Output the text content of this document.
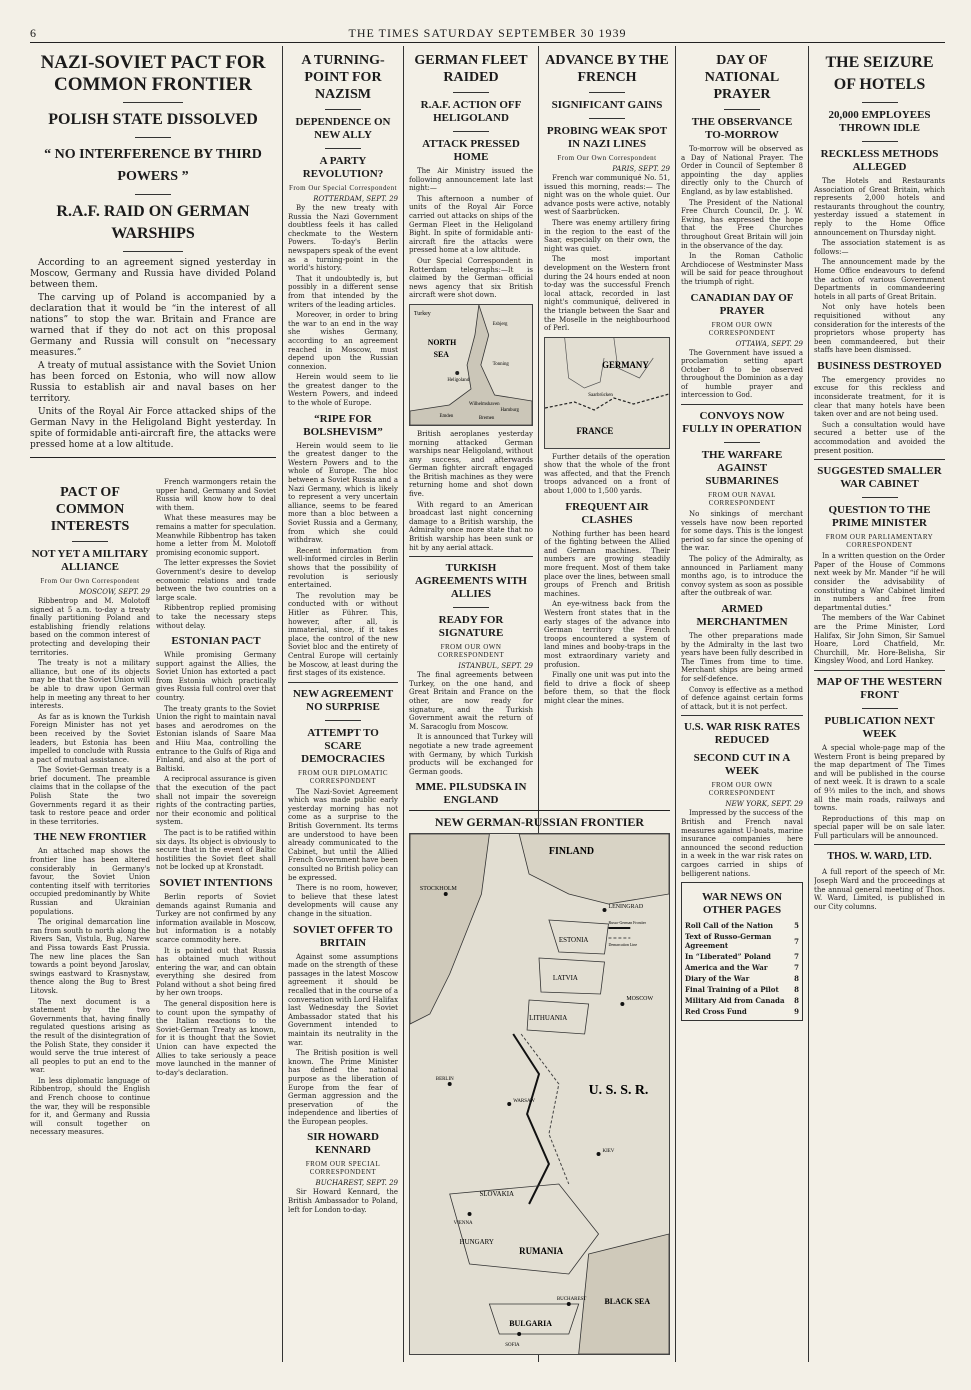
6	THE TIMES SATURDAY SEPTEMBER 30 1939
NAZI-SOVIET PACT FOR COMMON FRONTIER
POLISH STATE DISSOLVED
“ NO INTERFERENCE BY THIRD POWERS ”
R.A.F. RAID ON GERMAN WARSHIPS

According to an agreement signed yesterday in Moscow, Germany and Russia have divided Poland between them.

The carving up of Poland is accompanied by a declaration that it would be “in the interest of all nations” to stop the war. Britain and France are warned that if they do not act on this proposal Germany and Russia will consult on “necessary measures.”

A treaty of mutual assistance with the Soviet Union has been forced on Estonia, who will now allow Russia to establish air and naval bases on her territory.

Units of the Royal Air Force attacked ships of the German Navy in the Heligoland Bight yesterday. In spite of formidable anti-aircraft fire, the attacks were pressed home at a low altitude.

PACT OF COMMON INTERESTS
NOT YET A MILITARY ALLIANCE
From Our Own Correspondent
MOSCOW, SEPT. 29

Ribbentrop and M. Molotoff signed at 5 a.m. to-day a treaty finally partitioning Poland and establishing friendly relations based on the common interest of protecting and developing their territories.

The treaty is not a military alliance, but one of its objects may be that the Soviet Union will be able to draw upon German help in meeting any threat to her interests.

As far as is known the Turkish Foreign Minister has not yet been received by the Soviet leaders, but Estonia has been impelled to conclude with Russia a pact of mutual assistance.

The Soviet-German treaty is a brief document. The preamble claims that in the collapse of the Polish State the two Governments regard it as their task to restore peace and order in these territories.

THE NEW FRONTIER

An attached map shows the frontier line has been altered considerably in Germany's favour, the Soviet Union contenting itself with territories occupied predominantly by White Russian and Ukrainian populations.

The original demarcation line ran from south to north along the Rivers San, Vistula, Bug, Narew and Pissa towards East Prussia. The new line places the San towards a point beyond Jaroslav, swings eastward to Krasnystaw, thence along the Bug to Brest Litovsk.

The next document is a statement by the two Governments that, having finally regulated questions arising as the result of the disintegration of the Polish State, they consider it would serve the true interest of all peoples to put an end to the war.

In less diplomatic language of Ribbentrop, should the English and French choose to continue the war, they will be responsible for it, and Germany and Russia will consult together on necessary measures.

French warmongers retain the upper hand, Germany and Soviet Russia will know how to deal with them.

What these measures may be remains a matter for speculation. Meanwhile Ribbentrop has taken home a letter from M. Molotoff promising economic support.

The letter expresses the Soviet Government's desire to develop economic relations and trade between the two countries on a large scale.

Ribbentrop replied promising to take the necessary steps without delay.

ESTONIAN PACT

While promising Germany support against the Allies, the Soviet Union has extorted a pact from Estonia which practically gives Russia full control over that country.

The treaty grants to the Soviet Union the right to maintain naval bases and aerodromes on the Estonian islands of Saare Maa and Hiiu Maa, controlling the entrance to the Gulfs of Riga and Finland, and also at the port of Baltiski.

A reciprocal assurance is given that the execution of the pact shall not impair the sovereign rights of the contracting parties, nor their economic and political system.

The pact is to be ratified within six days. Its object is obviously to secure that in the event of Baltic hostilities the Soviet fleet shall not be locked up at Kronstadt.

SOVIET INTENTIONS

Berlin reports of Soviet demands against Rumania and Turkey are not confirmed by any information available in Moscow, but information is a notably scarce commodity here.

It is pointed out that Russia has obtained much without entering the war, and can obtain everything she desired from Poland without a shot being fired by her own troops.

The general disposition here is to count upon the sympathy of the Italian reactions to the Soviet-German Treaty as known, for it is thought that the Soviet Union can have expected the Allies to take seriously a peace move launched in the manner of to-day's declaration.

A TURNING-POINT FOR NAZISM
DEPENDENCE ON NEW ALLY
A PARTY REVOLUTION?
From Our Special Correspondent
ROTTERDAM, SEPT. 29

By the new treaty with Russia the Nazi Government doubtless feels it has called checkmate to the Western Powers. To-day's Berlin newspapers speak of the event as a turning-point in the world's history.

That it undoubtedly is, but possibly in a different sense from that intended by the writers of the leading articles.

Moreover, in order to bring the war to an end in the way she wishes Germany, according to an agreement reached in Moscow, must depend upon the Russian connexion.

Herein would seem to lie the greatest danger to the Western Powers, and indeed to the whole of Europe.

“RIPE FOR BOLSHEVISM”

Herein would seem to lie the greatest danger to the Western Powers and to the whole of Europe. The bloc between a Soviet Russia and a Nazi Germany, which is likely to represent a very uncertain alliance, seems to be feared more than a bloc between a Soviet Russia and a Germany, from which she could withdraw.

Recent information from well-informed circles in Berlin shows that the possibility of revolution is seriously entertained.

The revolution may be conducted with or without Hitler as Führer. This, however, after all, is immaterial, since, if it takes place, the control of the new Soviet bloc and the entirety of Central Europe will certainly be Moscow, at least during the first stages of its existence.

NEW AGREEMENT NO SURPRISE
ATTEMPT TO SCARE DEMOCRACIES
FROM OUR DIPLOMATIC CORRESPONDENT

The Nazi-Soviet Agreement which was made public early yesterday morning has not come as a surprise to the British Government. Its terms are understood to have been already communicated to the Cabinet, but until the Allied French Government have been consulted no British policy can be expressed.

There is no room, however, to believe that these latest developments will cause any change in the situation.

SOVIET OFFER TO BRITAIN

Against some assumptions made on the strength of these passages in the latest Moscow agreement it should be recalled that in the course of a conversation with Lord Halifax last Wednesday the Soviet Ambassador stated that his Government intended to maintain its neutrality in the war.

The British position is well known. The Prime Minister has defined the national purpose as the liberation of Europe from the fear of German aggression and the preservation of the independence and liberties of the European peoples.

SIR HOWARD KENNARD
FROM OUR SPECIAL CORRESPONDENT
BUCHAREST, SEPT. 29

Sir Howard Kennard, the British Ambassador to Poland, left for London to-day.

GERMAN FLEET RAIDED
R.A.F. ACTION OFF HELIGOLAND
ATTACK PRESSED HOME

The Air Ministry issued the following announcement late last night:—

This afternoon a number of units of the Royal Air Force carried out attacks on ships of the German Fleet in the Heligoland Bight. In spite of formidable anti-aircraft fire the attacks were pressed home at a low altitude.

Our Special Correspondent in Rotterdam telegraphs:—It is claimed by the German official news agency that six British aircraft were shot down.

NORTH
SEA
Esbjerg
Tonning
Heligoland
Wilhelmshaven
Hamburg
Bremen
Emden
Turkey

British aeroplanes yesterday morning attacked German warships near Heligoland, without any success, and afterwards German fighter aircraft engaged the British machines as they were returning home and shot down five.

With regard to an American broadcast last night concerning damage to a British warship, the Admiralty once more state that no British warship has been sunk or hit by any aerial attack.

TURKISH AGREEMENTS WITH ALLIES
READY FOR SIGNATURE
FROM OUR OWN CORRESPONDENT
ISTANBUL, SEPT. 29

The final agreements between Turkey, on the one hand, and Great Britain and France on the other, are now ready for signature, and the Turkish Government await the return of M. Saracoglu from Moscow.

It is announced that Turkey will negotiate a new trade agreement with Germany, by which Turkish products will be exchanged for German goods.

MME. PILSUDSKA IN ENGLAND

ADVANCE BY THE FRENCH
SIGNIFICANT GAINS
PROBING WEAK SPOT IN NAZI LINES
From Our Own Correspondent
PARIS, SEPT. 29

French war communiqué No. 51, issued this morning, reads:— The night was on the whole quiet. Our advance posts were active, notably west of Saarbrücken.

There was enemy artillery firing in the region to the east of the Saar, especially on their own, the night was quiet.

The most important development on the Western front during the 24 hours ended at noon to-day was the successful French local attack, recorded in last night's communiqué, delivered in the triangle between the Saar and the Moselle in the neighbourhood of Perl.

GERMANY
FRANCE
Saarbrücken

Further details of the operation show that the whole of the front was affected, and that the French troops advanced on a front of about 1,000 to 1,500 yards.

FREQUENT AIR CLASHES

Nothing further has been heard of the fighting between the Allied and German machines. Their numbers are growing steadily more frequent. Most of them take place over the lines, between small groups of French and British machines.

An eye-witness back from the Western front states that in the early stages of the advance into German territory the French troops encountered a system of land mines and booby-traps in the most extraordinary variety and profusion.

Finally one unit was put into the field to drive a flock of sheep before them, so that the flock might clear the mines.

NEW GERMAN-RUSSIAN FRONTIER
FINLAND
STOCKHOLM
LENINGRAD
ESTONIA
LATVIA
LITHUANIA
MOSCOW
U. S. S. R.
SLOVAKIA
HUNGARY
RUMANIA
BUCHAREST
BULGARIA
BLACK SEA
SOFIA
BERLIN
VIENNA
KIEV
WARSAW
Russo-German Frontier
Demarcation Line
DAY OF NATIONAL PRAYER
THE OBSERVANCE TO-MORROW

To-morrow will be observed as a Day of National Prayer. The Order in Council of September 8 appointing the day applies directly only to the Church of England, as by law established.

The President of the National Free Church Council, Dr. J. W. Ewing, has expressed the hope that the Free Churches throughout Great Britain will join in the observance of the day.

In the Roman Catholic Archdiocese of Westminster Mass will be said for peace throughout the triumph of right.

CANADIAN DAY OF PRAYER
FROM OUR OWN CORRESPONDENT
OTTAWA, SEPT. 29

The Government have issued a proclamation setting apart October 8 to be observed throughout the Dominion as a day of humble prayer and intercession to God.

CONVOYS NOW FULLY IN OPERATION
THE WARFARE AGAINST SUBMARINES
FROM OUR NAVAL CORRESPONDENT

No sinkings of merchant vessels have now been reported for some days. This is the longest period so far since the opening of the war.

The policy of the Admiralty, as announced in Parliament many months ago, is to introduce the convoy system as soon as possible after the outbreak of war.

ARMED MERCHANTMEN

The other preparations made by the Admiralty in the last two years have been fully described in The Times from time to time. Merchant ships are being armed for self-defence.

Convoy is effective as a method of defence against certain forms of attack, but it is not perfect.

U.S. WAR RISK RATES REDUCED
SECOND CUT IN A WEEK
FROM OUR OWN CORRESPONDENT
NEW YORK, SEPT. 29

Impressed by the success of the British and French naval measures against U-boats, marine insurance companies here announced the second reduction in a week in the war risk rates on cargoes carried in ships of belligerent nations.

WAR NEWS ON OTHER PAGES
Roll Call of the Nation	5
Text of Russo-German Agreement	7
In “Liberated” Poland	7
America and the War	7
Diary of the War	8
Final Training of a Pilot	8
Military Aid from Canada	8
Red Cross Fund	9
THE SEIZURE OF HOTELS
20,000 EMPLOYEES THROWN IDLE
RECKLESS METHODS ALLEGED

The Hotels and Restaurants Association of Great Britain, which represents 2,000 hotels and restaurants throughout the country, yesterday issued a statement in reply to the Home Office announcement on Thursday night.

The association statement is as follows:—

The announcement made by the Home Office endeavours to defend the action of various Government Departments in commandeering hotels in all parts of Great Britain.

Not only have hotels been requisitioned without any consideration for the interests of the proprietors whose property has been commandeered, but their staffs have been dismissed.

BUSINESS DESTROYED

The emergency provides no excuse for this reckless and inconsiderate treatment, for it is clear that many hotels have been taken over and are not being used.

Such a consultation would have secured a better use of the accommodation and avoided the present position.

SUGGESTED SMALLER WAR CABINET
QUESTION TO THE PRIME MINISTER
FROM OUR PARLIAMENTARY CORRESPONDENT

In a written question on the Order Paper of the House of Commons next week by Mr. Mander “if he will consider the advisability of constituting a War Cabinet limited in numbers and free from departmental duties.”

The members of the War Cabinet are the Prime Minister, Lord Halifax, Sir John Simon, Sir Samuel Hoare, Lord Chatfield, Mr. Churchill, Mr. Hore-Belisha, Sir Kingsley Wood, and Lord Hankey.

MAP OF THE WESTERN FRONT
PUBLICATION NEXT WEEK

A special whole-page map of the Western Front is being prepared by the map department of The Times and will be published in the course of next week. It is drawn to a scale of 9⅔ miles to the inch, and shows all the main roads, railways and towns.

Reproductions of this map on special paper will be on sale later. Full particulars will be announced.

THOS. W. WARD, LTD.

A full report of the speech of Mr. Joseph Ward and the proceedings at the annual general meeting of Thos. W. Ward, Limited, is published in our City columns.
